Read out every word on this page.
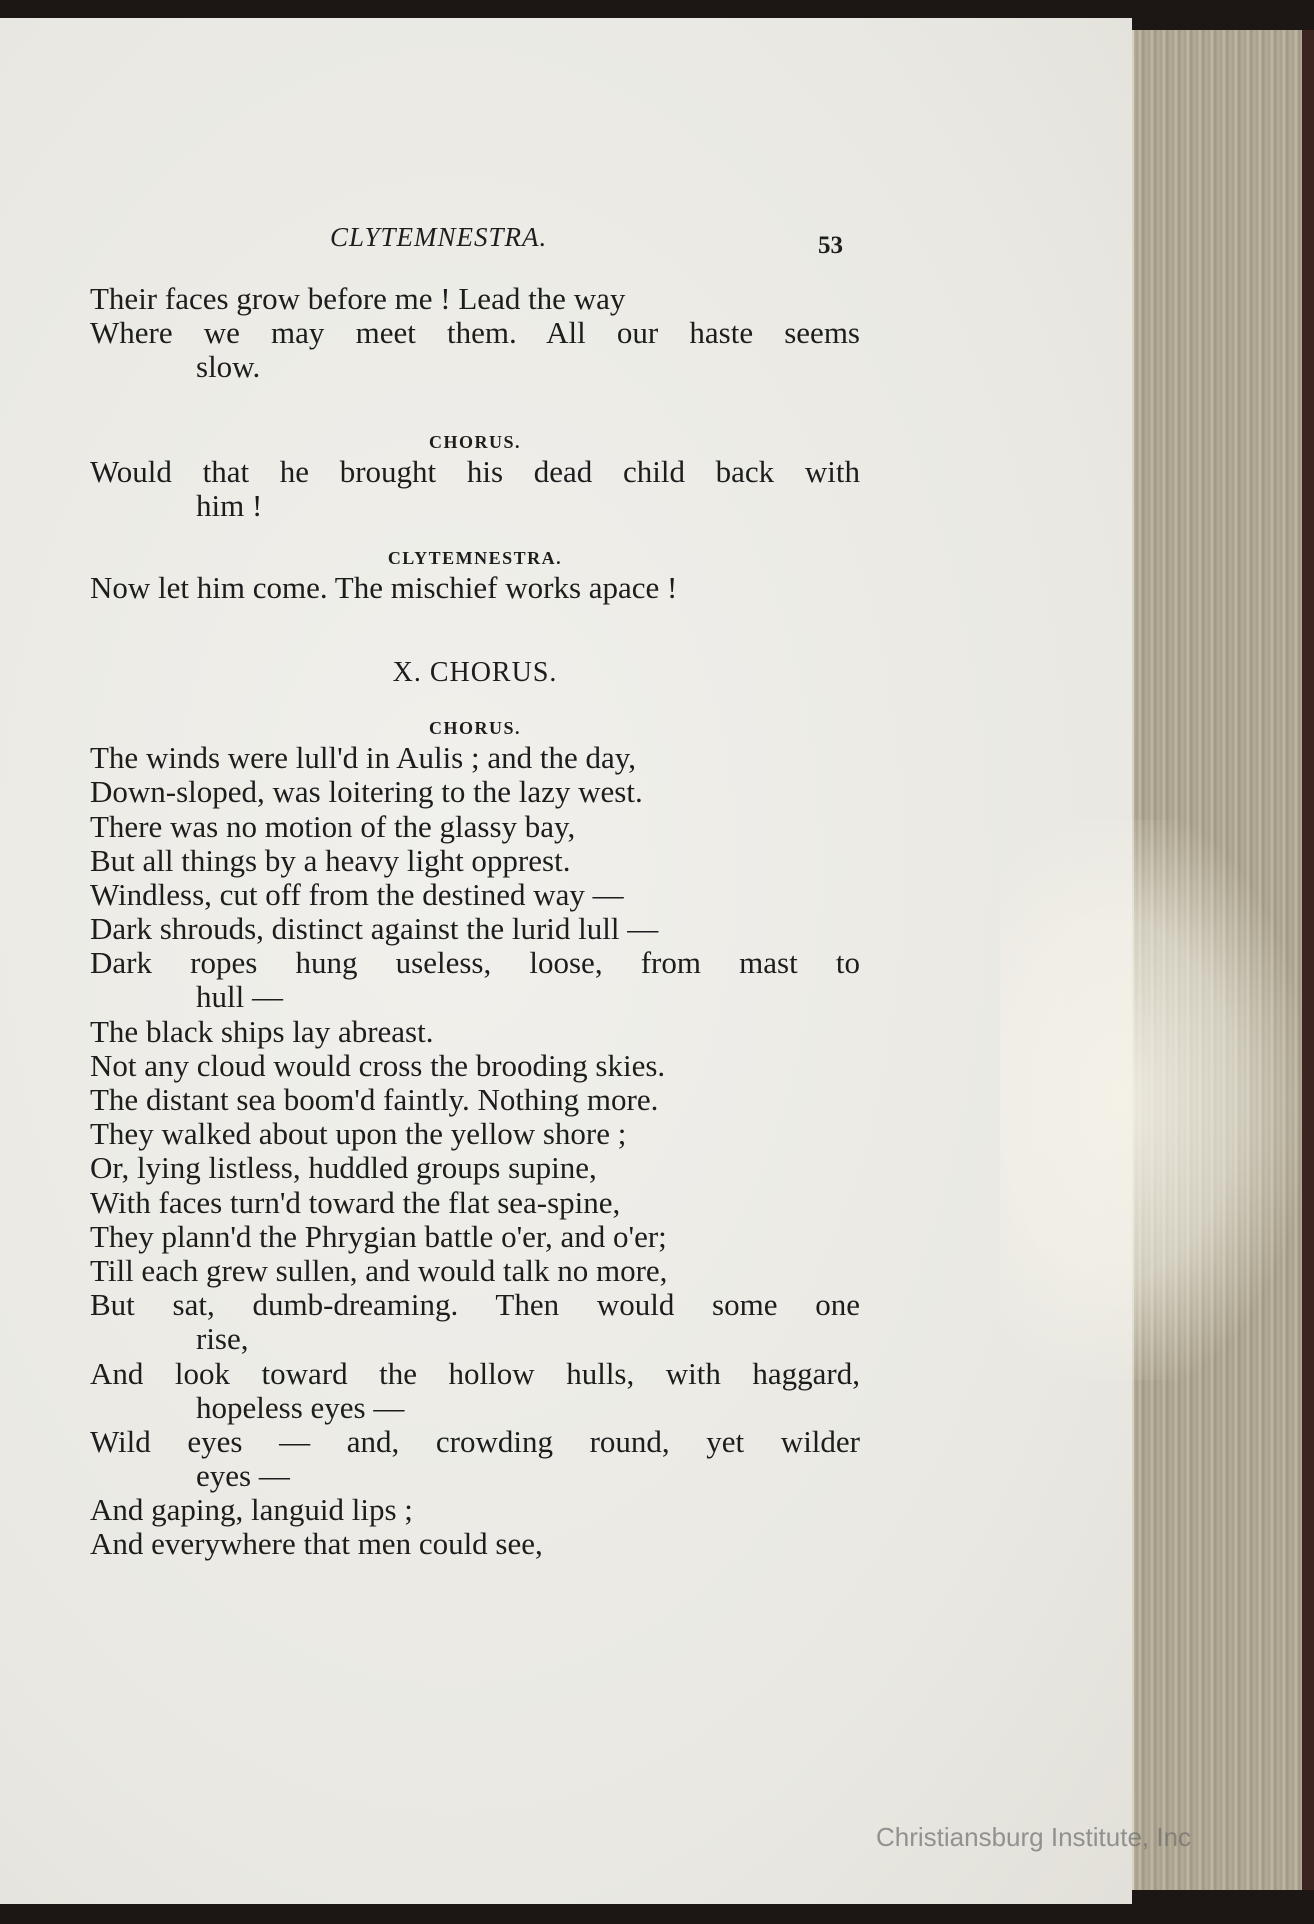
CLYTEMNESTRA.	53
Their faces grow before me ! Lead the way
Where we may meet them. All our haste seems
slow.
CHORUS.
Would that he brought his dead child back with
him !
CLYTEMNESTRA.
Now let him come. The mischief works apace !
X. CHORUS.
CHORUS.
The winds were lull'd in Aulis ; and the day,
Down-sloped, was loitering to the lazy west.
There was no motion of the glassy bay,
But all things by a heavy light opprest.
Windless, cut off from the destined way —
Dark shrouds, distinct against the lurid lull —
Dark ropes hung useless, loose, from mast to
hull —
The black ships lay abreast.
Not any cloud would cross the brooding skies.
The distant sea boom'd faintly. Nothing more.
They walked about upon the yellow shore ;
Or, lying listless, huddled groups supine,
With faces turn'd toward the flat sea-spine,
They plann'd the Phrygian battle o'er, and o'er;
Till each grew sullen, and would talk no more,
But sat, dumb-dreaming. Then would some one
rise,
And look toward the hollow hulls, with haggard,
hopeless eyes —
Wild eyes — and, crowding round, yet wilder
eyes —
And gaping, languid lips ;
And everywhere that men could see,
Christiansburg Institute, Inc
